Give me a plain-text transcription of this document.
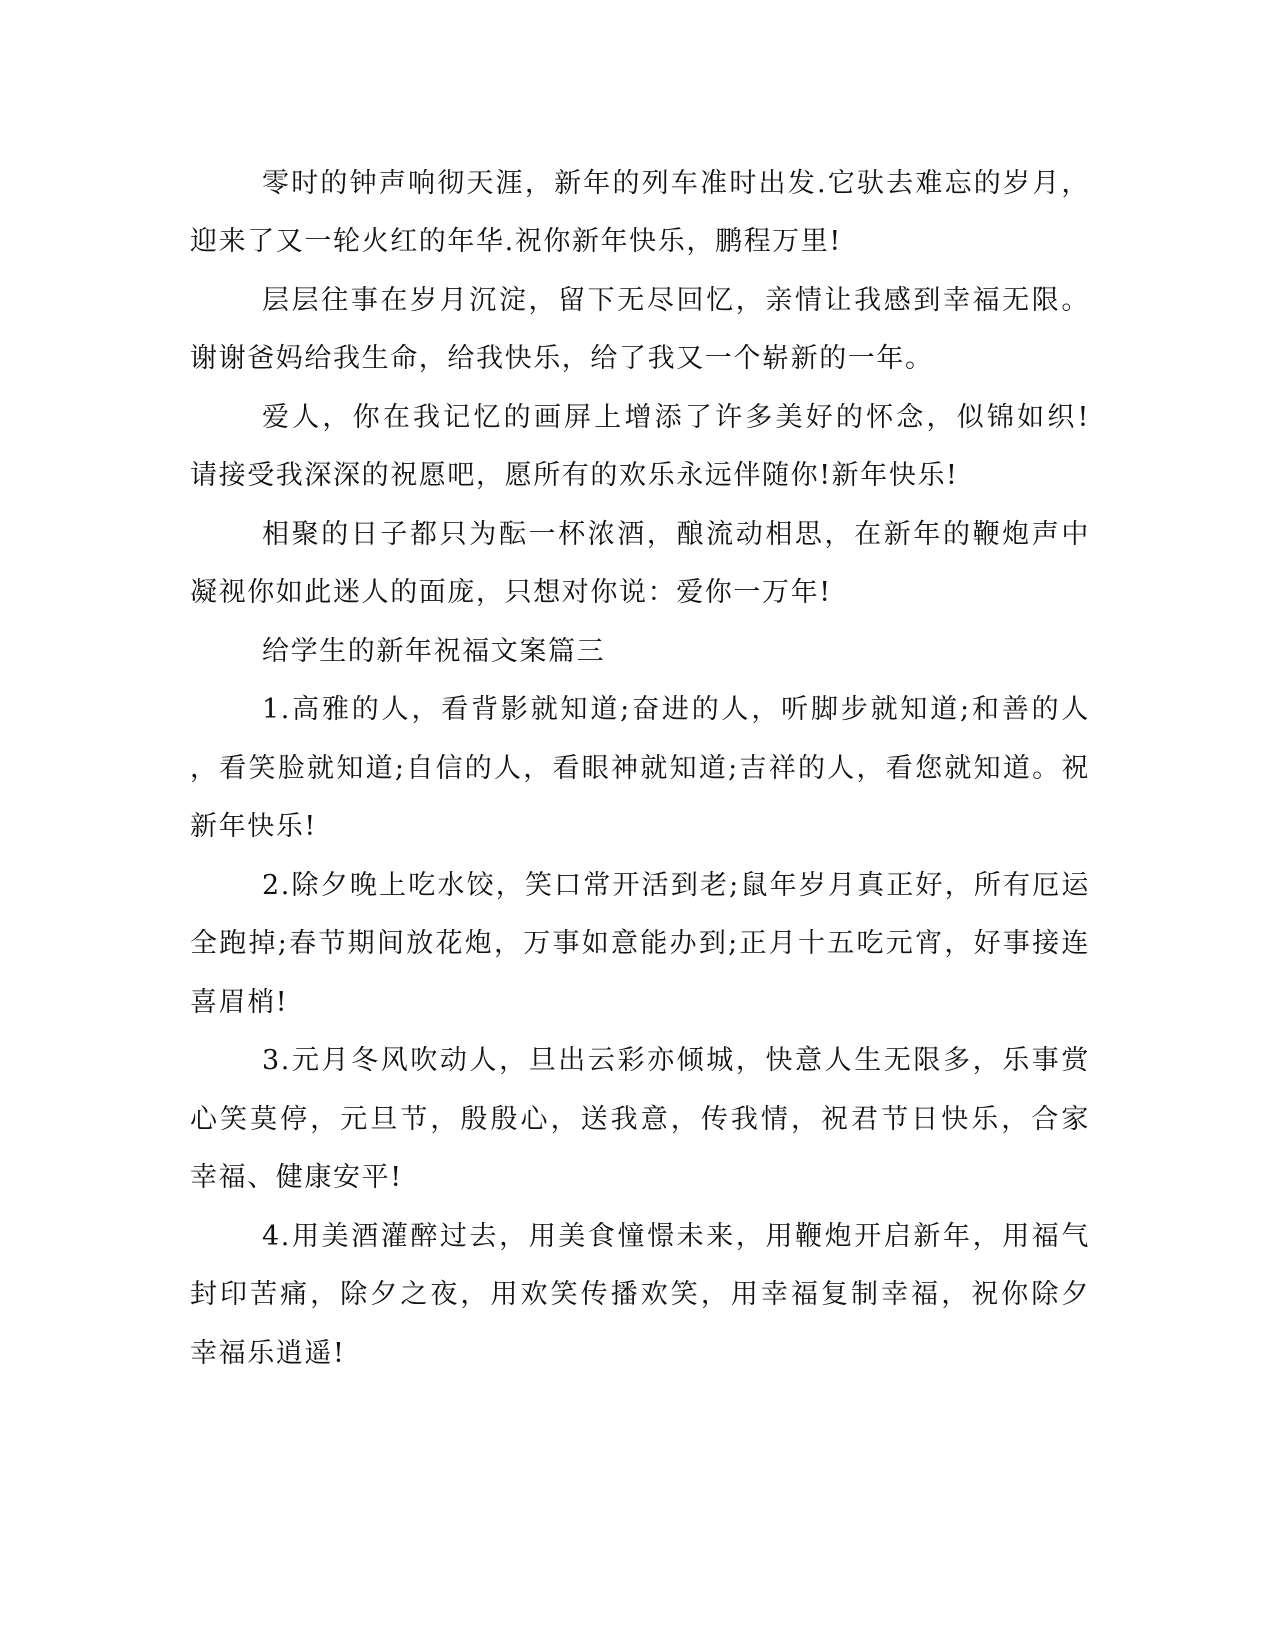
零时的钟声响彻天涯，新年的列车准时出发.它驮去难忘的岁月，
迎来了又一轮火红的年华.祝你新年快乐，鹏程万里!
层层往事在岁月沉淀，留下无尽回忆，亲情让我感到幸福无限。
谢谢爸妈给我生命，给我快乐，给了我又一个崭新的一年。
爱人，你在我记忆的画屏上增添了许多美好的怀念，似锦如织!
请接受我深深的祝愿吧，愿所有的欢乐永远伴随你!新年快乐!
相聚的日子都只为酝一杯浓酒，酿流动相思，在新年的鞭炮声中
凝视你如此迷人的面庞，只想对你说：爱你一万年!
给学生的新年祝福文案篇三
1.高雅的人，看背影就知道;奋进的人，听脚步就知道;和善的人
，看笑脸就知道;自信的人，看眼神就知道;吉祥的人，看您就知道。祝
新年快乐!
2.除夕晚上吃水饺，笑口常开活到老;鼠年岁月真正好，所有厄运
全跑掉;春节期间放花炮，万事如意能办到;正月十五吃元宵，好事接连
喜眉梢!
3.元月冬风吹动人，旦出云彩亦倾城，快意人生无限多，乐事赏
心笑莫停，元旦节，殷殷心，送我意，传我情，祝君节日快乐，合家
幸福、健康安平!
4.用美酒灌醉过去，用美食憧憬未来，用鞭炮开启新年，用福气
封印苦痛，除夕之夜，用欢笑传播欢笑，用幸福复制幸福，祝你除夕
幸福乐逍遥!
